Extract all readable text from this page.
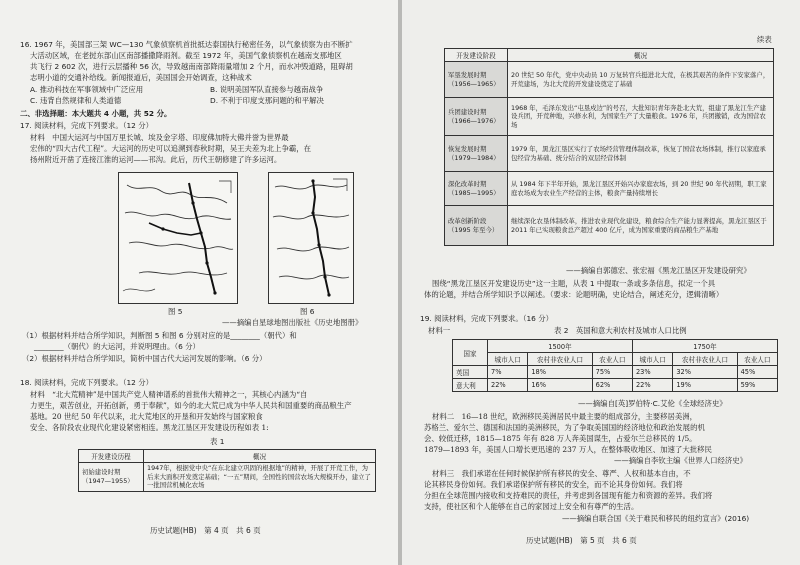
16. 1967 年，美国部三架 WC—130 气象侦察机首批抵达泰国执行秘密任务，以气象侦察为由不断扩
大活动区域，在老挝东部山区南部播撒降雨剂。截至 1972 年，美国气象侦察机在越南支那地区
共飞行 2 602 次，进行云层播种 56 次，导致越南南部降雨量增加 2 个月，而水冲毁道路，阻碍胡
志明小道的交通补给线。新闻报道后，美国国会开始调查，这种战术
A. 推动科技在军事领域中广泛应用	B. 说明美国军队直接参与越南战争
C. 违背自然规律和人类道德	D. 不利于印度支那问题的和平解决
二、非选择题：本大题共 4 小题，共 52 分。
17. 阅读材料，完成下列要求。（12 分）
材料　中国大运河与中国万里长城、埃及金字塔、印度佛加特大佛并誉为世界最
宏伟的“四大古代工程”。大运河的历史可以追溯到春秋时期，吴王夫差为北上争霸，在
扬州附近开凿了连接江淮的运河——邗沟。此后，历代王朝修建了许多运河。
图 5	图 6
——摘编自星球地图出版社《历史地图册》
（1）根据材料并结合所学知识，判断图 5 和图 6 分别对应的是________（朝代）和
________（朝代）的大运河，并说明理由。（6 分）
（2）根据材料并结合所学知识，简析中国古代大运河发展的影响。（6 分）
18. 阅读材料，完成下列要求。（12 分）
材料　“北大荒精神”是中国共产党人精神谱系的首批伟大精神之一，其核心内涵为“自
力更生，艰苦创业，开拓创新，勇于奉献”，如今的北大荒已成为中华人民共和国重要的商品粮生产
基地。20 世纪 50 年代以来，北大荒地区的开垦和开发始终与国家粮食
安全、各阶段农业现代化建设紧密相连。黑龙江垦区开发建设历程如表 1:
表 1
开发建设历程	概况
初始建设时期（1947—1955）	1947年，根据党中央“在东北建立巩固的根据地”的精神，开展了开荒工作，为后来大面积开发奠定基础；“一五”期间，全国性的国营农场大规模开办，建立了一批国营机械化农场
历史试题(HB)　第 4 页　共 6 页
续表
开发建设阶段	概况
军垦发展时期（1956—1965）	20 世纪 50 年代，党中央动员 10 万复转官兵挺进北大荒，在极其艰苦的条件下安家落户，开荒建场，为北大荒的开发建设奠定了基础
兵团建设时期（1966—1976）	1968 年，毛泽东发出“屯垦戍边”的号召，大批知识青年奔赴北大荒，组建了黑龙江生产建设兵团，开荒种地，兴修水利，为国家生产了大量粮食。1976 年，兵团撤销，改为国营农场
恢复发展时期（1979—1984）	1979 年，黑龙江垦区实行了农场经营管理体制改革，恢复了国营农场体制，推行以家庭承包经营为基础、统分结合的双层经营体制
深化改革时期（1985—1995）	从 1984 年下半年开始，黑龙江垦区开始兴办家庭农场，到 20 世纪 90 年代初期，职工家庭农场成为农业生产经营的主体，粮食产量持续增长
改革创新阶段（1995 年至今）	继续深化农垦体制改革，推进农业现代化建设，粮食综合生产能力显著提高，黑龙江垦区于 2011 年已实现粮食总产超过 400 亿斤，成为国家重要的商品粮生产基地
——摘编自郭德宏、张宏福《黑龙江垦区开发建设研究》
围绕“黑龙江垦区开发建设历史”这一主题，从表 1 中提取一条或多条信息，拟定一个具
体的论题，并结合所学知识予以阐述。（要求：论题明确，史论结合，阐述充分，逻辑清晰）
19. 阅读材料，完成下列要求。（16 分）
材料一	表 2　英国和意大利农村及城市人口比例
国家	1500年			1750年		
	城市人口	农村非农业人口	农业人口	城市人口	农村非农业人口	农业人口
英国	7%	18%	75%	23%	32%	45%
意大利	22%	16%	62%	22%	19%	59%
——摘编自[英]罗伯特·C.艾伦《全球经济史》
材料二　16—18 世纪，欧洲移民美洲居民中最主要的组成部分，主要移居美洲，
苏格兰、爱尔兰、德国和法国的美洲移民，为了争取美国国的经济地位和政治发展的机
会、较低迁移，1815—1875 年有 828 万人奔美国谋生，占爱尔兰总移民的 1/5。
1879—1893 年，美国人口增长更迅速的 237 万人，在整体吸收地区、加速了大批移民
——摘编自李钦主编《世界人口经济史》
材料三　我们承诺在任何时候保护所有移民的安全、尊严、人权和基本自由，不
论其移民身份如何。我们承诺保护所有移民的安全，而不论其身份如何。我们将
分担在全球范围内接收和支持难民的责任，并考虑到各国现有能力和资源的差异。我们将
支持，使社区和个人能够在自己的家园过上安全和有尊严的生活。
——摘编自联合国《关于难民和移民的纽约宣言》(2016)
历史试题(HB)　第 5 页　共 6 页
